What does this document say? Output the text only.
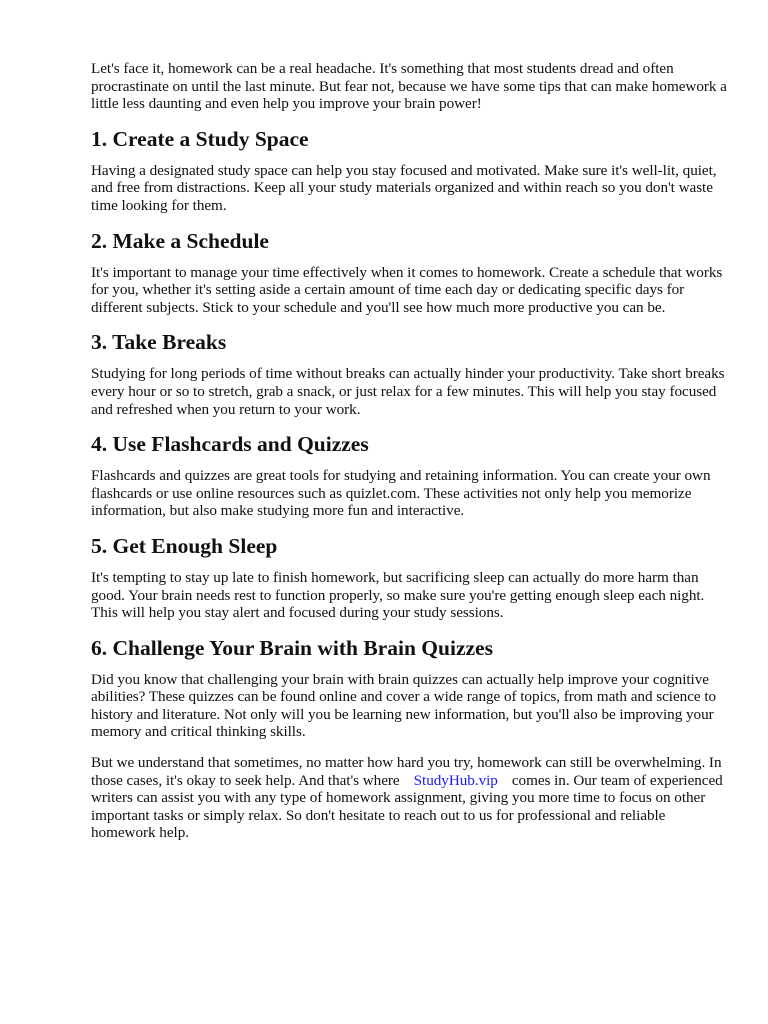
Let's face it, homework can be a real headache. It's something that most students dread and often procrastinate on until the last minute. But fear not, because we have some tips that can make homework a little less daunting and even help you improve your brain power!

1. Create a Study Space

Having a designated study space can help you stay focused and motivated. Make sure it's well-lit, quiet, and free from distractions. Keep all your study materials organized and within reach so you don't waste time looking for them.

2. Make a Schedule

It's important to manage your time effectively when it comes to homework. Create a schedule that works for you, whether it's setting aside a certain amount of time each day or dedicating specific days for different subjects. Stick to your schedule and you'll see how much more productive you can be.

3. Take Breaks

Studying for long periods of time without breaks can actually hinder your productivity. Take short breaks every hour or so to stretch, grab a snack, or just relax for a few minutes. This will help you stay focused and refreshed when you return to your work.

4. Use Flashcards and Quizzes

Flashcards and quizzes are great tools for studying and retaining information. You can create your own flashcards or use online resources such as quizlet.com. These activities not only help you memorize information, but also make studying more fun and interactive.

5. Get Enough Sleep

It's tempting to stay up late to finish homework, but sacrificing sleep can actually do more harm than good. Your brain needs rest to function properly, so make sure you're getting enough sleep each night. This will help you stay alert and focused during your study sessions.

6. Challenge Your Brain with Brain Quizzes

Did you know that challenging your brain with brain quizzes can actually help improve your cognitive abilities? These quizzes can be found online and cover a wide range of topics, from math and science to history and literature. Not only will you be learning new information, but you'll also be improving your memory and critical thinking skills.

But we understand that sometimes, no matter how hard you try, homework can still be overwhelming. In those cases, it's okay to seek help. And that's where StudyHub.vip comes in. Our team of experienced writers can assist you with any type of homework assignment, giving you more time to focus on other important tasks or simply relax. So don't hesitate to reach out to us for professional and reliable homework help.
